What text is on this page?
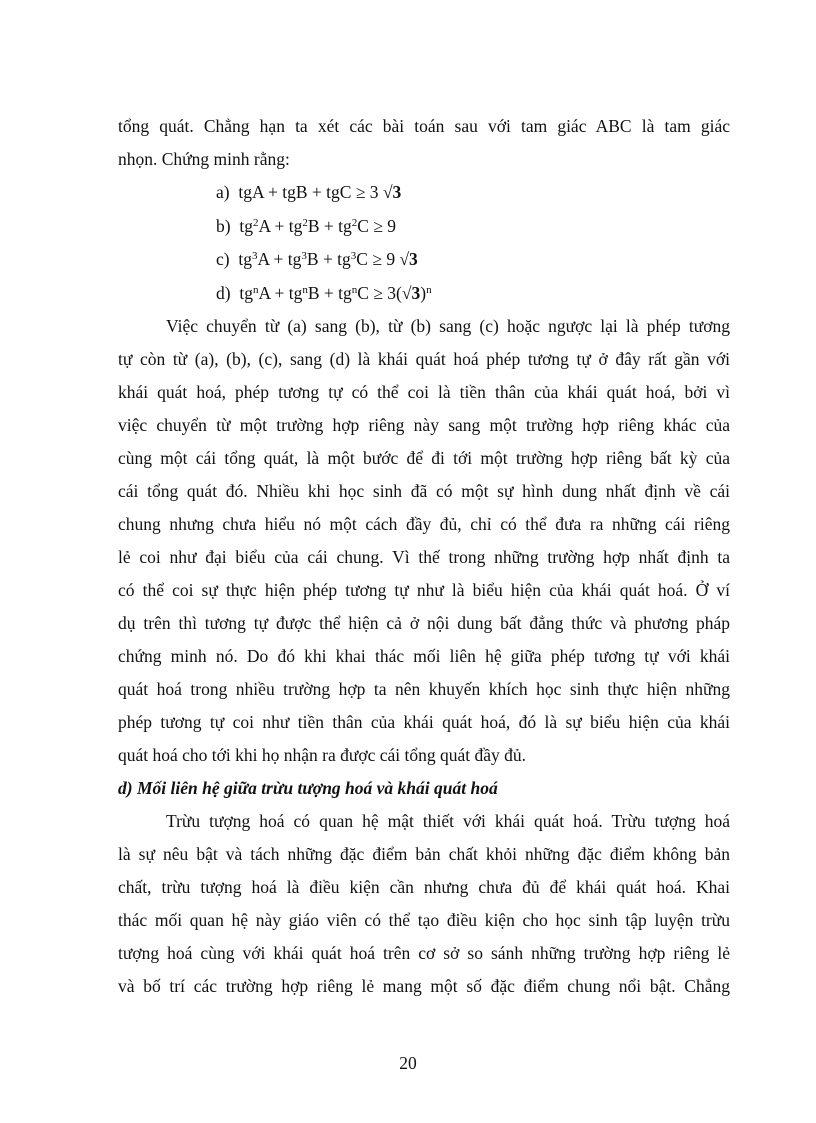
tổng quát. Chẳng hạn ta xét các bài toán sau với tam giác ABC là tam giác
nhọn. Chứng minh rằng:
a) tgA + tgB + tgC ≥ 3 √3
b) $tg^2A + tg^2B + tg^2C \ge 9$
c) $tg^3A + tg^3B + tg^3C \ge 9$ √3
d) $tg^nA + tg^nB + tg^nC \ge 3(√3)^n$
Việc chuyển từ (a) sang (b), từ (b) sang (c) hoặc ngược lại là phép tương
tự còn từ (a), (b), (c), sang (d) là khái quát hoá phép tương tự ở đây rất gần với
khái quát hoá, phép tương tự có thể coi là tiền thân của khái quát hoá, bởi vì
việc chuyển từ một trường hợp riêng này sang một trường hợp riêng khác của
cùng một cái tổng quát, là một bước để đi tới một trường hợp riêng bất kỳ của
cái tổng quát đó. Nhiều khi học sinh đã có một sự hình dung nhất định về cái
chung nhưng chưa hiểu nó một cách đầy đủ, chỉ có thể đưa ra những cái riêng
lẻ coi như đại biểu của cái chung. Vì thế trong những trường hợp nhất định ta
có thể coi sự thực hiện phép tương tự như là biểu hiện của khái quát hoá. Ở ví
dụ trên thì tương tự được thể hiện cả ở nội dung bất đẳng thức và phương pháp
chứng minh nó. Do đó khi khai thác mối liên hệ giữa phép tương tự với khái
quát hoá trong nhiều trường hợp ta nên khuyến khích học sinh thực hiện những
phép tương tự coi như tiền thân của khái quát hoá, đó là sự biểu hiện của khái
quát hoá cho tới khi họ nhận ra được cái tổng quát đầy đủ.
d) Mối liên hệ giữa trừu tượng hoá và khái quát hoá
Trừu tượng hoá có quan hệ mật thiết với khái quát hoá. Trừu tượng hoá
là sự nêu bật và tách những đặc điểm bản chất khỏi những đặc điểm không bản
chất, trừu tượng hoá là điều kiện cần nhưng chưa đủ để khái quát hoá. Khai
thác mối quan hệ này giáo viên có thể tạo điều kiện cho học sinh tập luyện trừu
tượng hoá cùng với khái quát hoá trên cơ sở so sánh những trường hợp riêng lẻ
và bố trí các trường hợp riêng lẻ mang một số đặc điểm chung nổi bật. Chẳng
20
